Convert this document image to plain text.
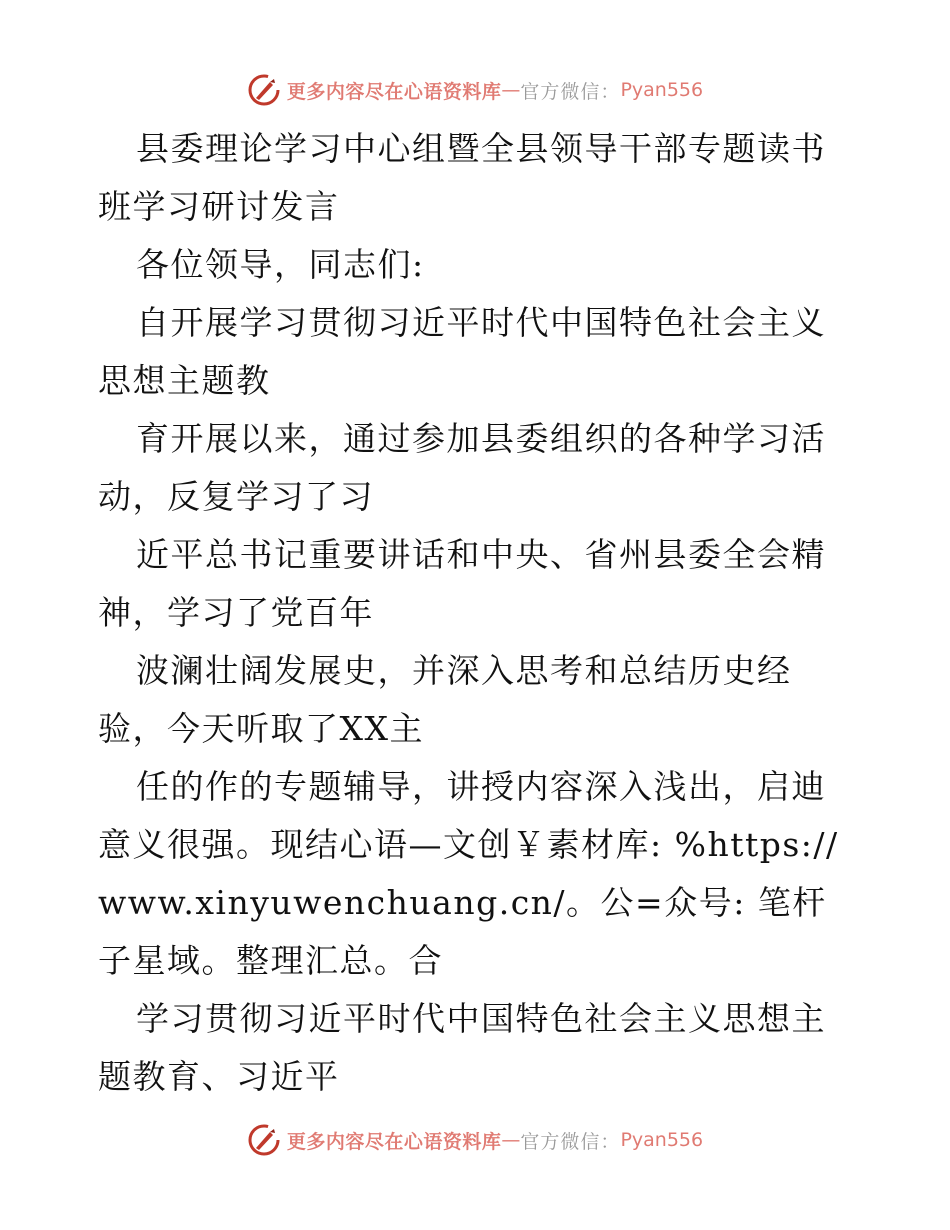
更多内容尽在心语资料库 — 官方微信： Pyan556

县委理论学习中心组暨全县领导干部专题读书班学习研讨发言

各位领导，同志们:

自开展学习贯彻习近平时代中国特色社会主义思想主题教

育开展以来，通过参加县委组织的各种学习活动，反复学习了习

近平总书记重要讲话和中央、省州县委全会精神，学习了党百年

波澜壮阔发展史，并深入思考和总结历史经验，今天听取了XX主

任的作的专题辅导，讲授内容深入浅出，启迪意义很强。现结心语—文创￥素材库: %https://www.xinyuwenchuang.cn/。公=众号: 笔杆子星域。整理汇总。合

学习贯彻习近平时代中国特色社会主义思想主题教育、习近平

更多内容尽在心语资料库 — 官方微信： Pyan556
